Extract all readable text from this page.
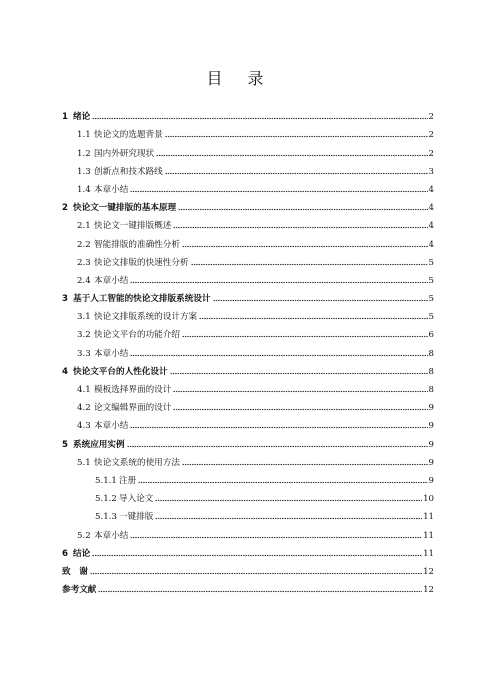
目 录
1 绪论	2
1.1 快论文的选题背景	2
1.2 国内外研究现状	2
1.3 创新点和技术路线	3
1.4 本章小结	4
2 快论文一键排版的基本原理	4
2.1 快论文一键排版概述	4
2.2 智能排版的准确性分析	4
2.3 快论文排版的快速性分析	5
2.4 本章小结	5
3 基于人工智能的快论文排版系统设计	5
3.1 快论文排版系统的设计方案	5
3.2 快论文平台的功能介绍	6
3.3 本章小结	8
4 快论文平台的人性化设计	8
4.1 模板选择界面的设计	8
4.2 论文编辑界面的设计	9
4.3 本章小结	9
5 系统应用实例	9
5.1 快论文系统的使用方法	9
5.1.1 注册	9
5.1.2 导入论文	10
5.1.3 一键排版	11
5.2 本章小结	11
6 结论	11
致　谢	12
参考文献	12
